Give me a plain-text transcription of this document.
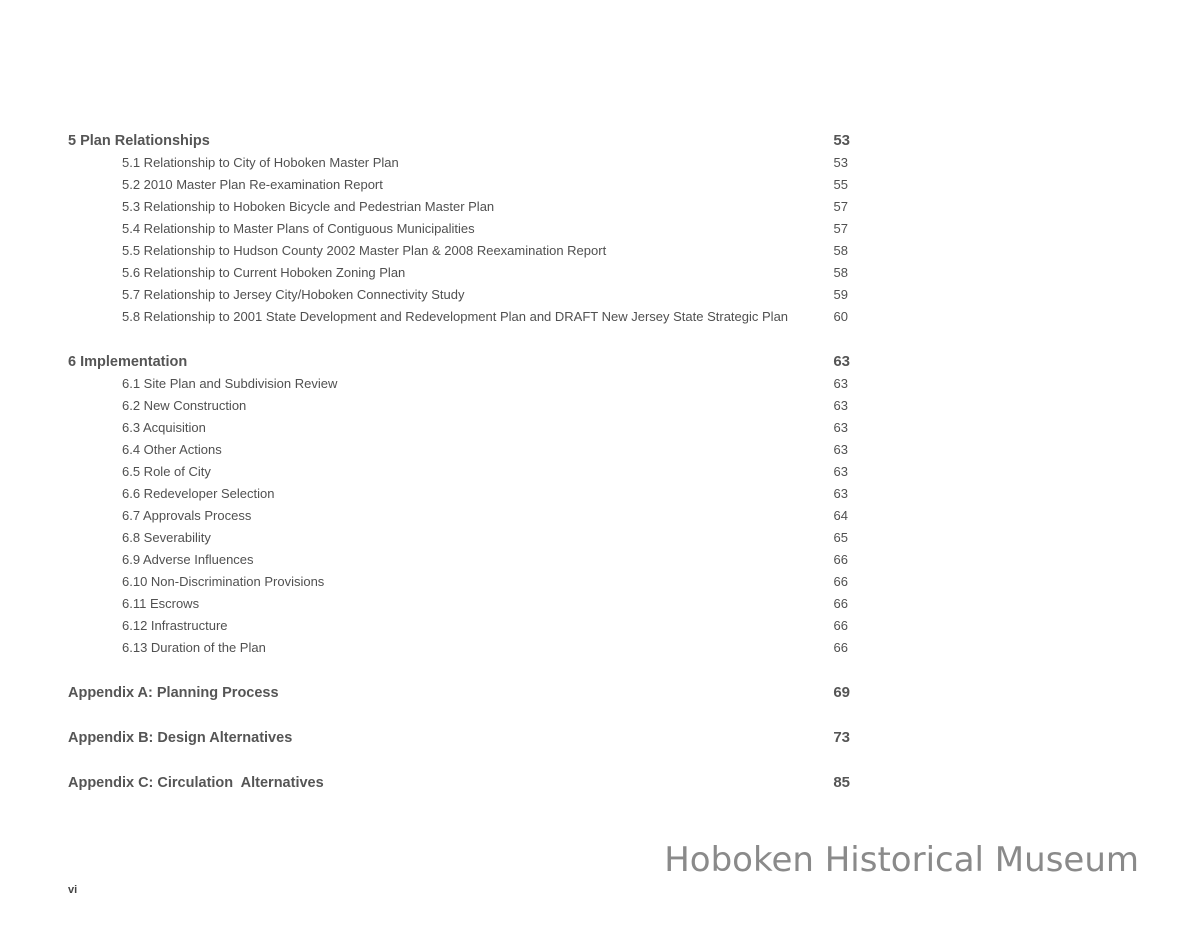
5 Plan Relationships	53
5.1 Relationship to City of Hoboken Master Plan	53
5.2 2010 Master Plan Re-examination Report	55
5.3 Relationship to Hoboken Bicycle and Pedestrian Master Plan	57
5.4 Relationship to Master Plans of Contiguous Municipalities	57
5.5 Relationship to Hudson County 2002 Master Plan & 2008 Reexamination Report	58
5.6 Relationship to Current Hoboken Zoning Plan	58
5.7 Relationship to Jersey City/Hoboken Connectivity Study	59
5.8 Relationship to 2001 State Development and Redevelopment Plan and DRAFT New Jersey State Strategic Plan	60
6 Implementation	63
6.1 Site Plan and Subdivision Review	63
6.2 New Construction	63
6.3 Acquisition	63
6.4 Other Actions	63
6.5 Role of City	63
6.6 Redeveloper Selection	63
6.7 Approvals Process	64
6.8 Severability	65
6.9 Adverse Influences	66
6.10 Non-Discrimination Provisions	66
6.11 Escrows	66
6.12 Infrastructure	66
6.13 Duration of the Plan	66
Appendix A: Planning Process	69
Appendix B: Design Alternatives	73
Appendix C: Circulation  Alternatives	85
Hoboken Historical Museum
vi
